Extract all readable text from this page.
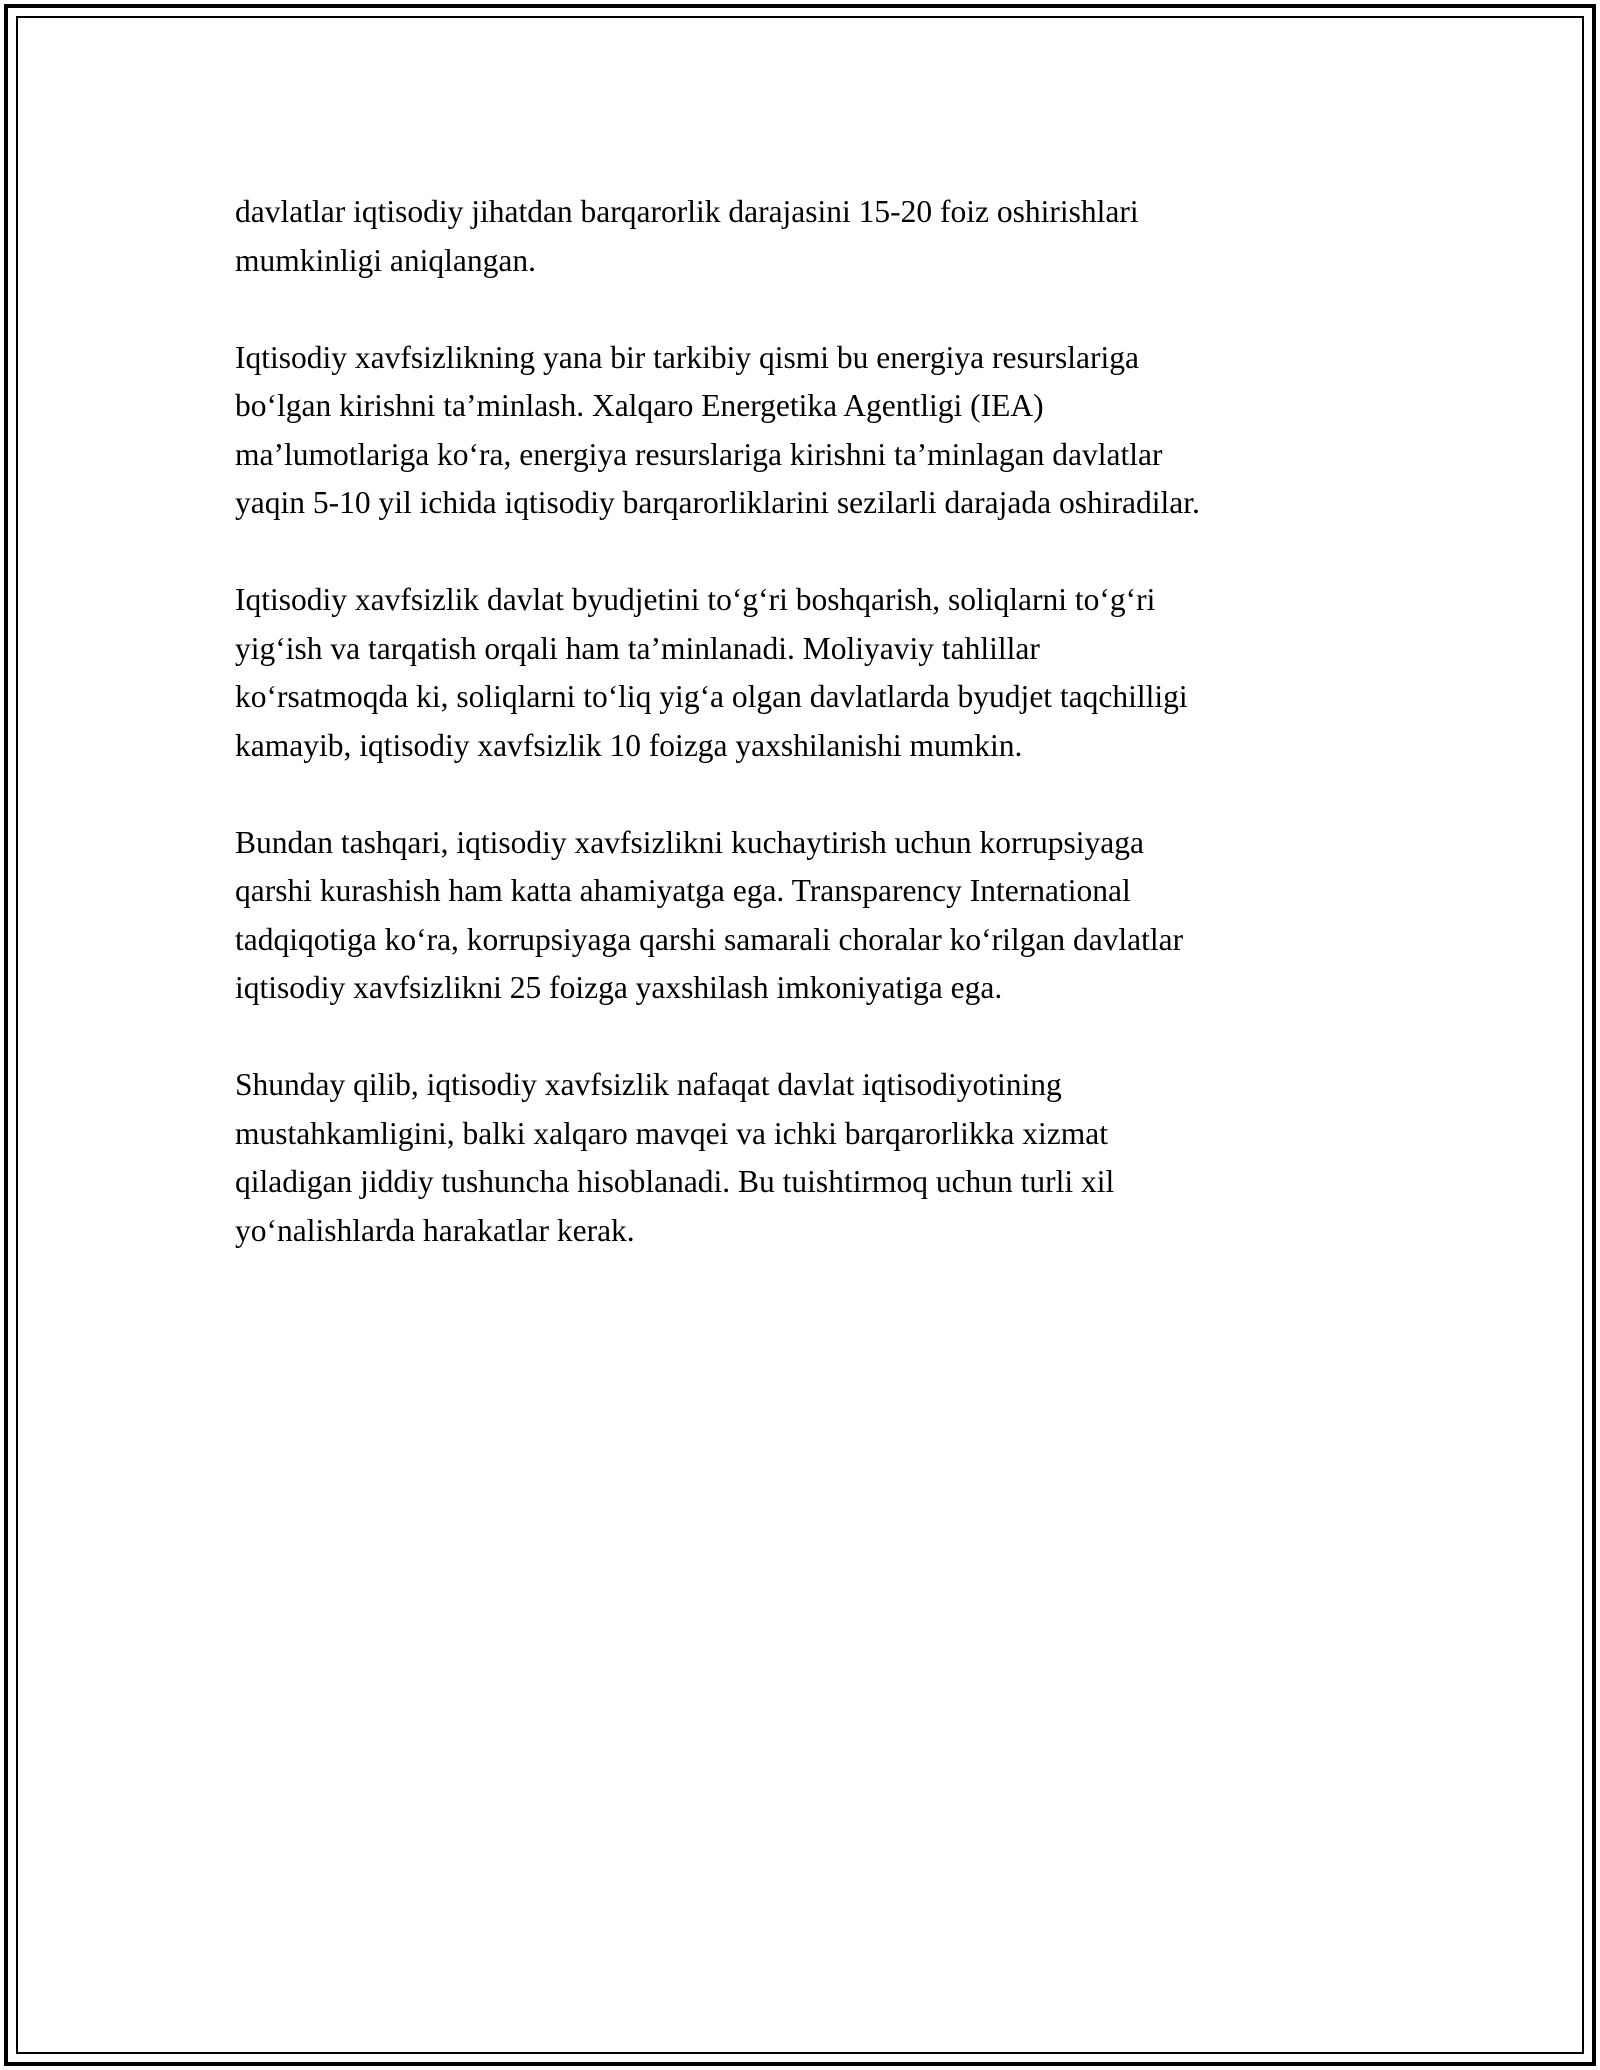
davlatlar iqtisodiy jihatdan barqarorlik darajasini 15-20 foiz oshirishlari
mumkinligi aniqlangan.

Iqtisodiy xavfsizlikning yana bir tarkibiy qismi bu energiya resurslariga
bo‘lgan kirishni ta’minlash. Xalqaro Energetika Agentligi (IEA)
ma’lumotlariga ko‘ra, energiya resurslariga kirishni ta’minlagan davlatlar
yaqin 5-10 yil ichida iqtisodiy barqarorliklarini sezilarli darajada oshiradilar.

Iqtisodiy xavfsizlik davlat byudjetini to‘g‘ri boshqarish, soliqlarni to‘g‘ri
yig‘ish va tarqatish orqali ham ta’minlanadi. Moliyaviy tahlillar
ko‘rsatmoqda ki, soliqlarni to‘liq yig‘a olgan davlatlarda byudjet taqchilligi
kamayib, iqtisodiy xavfsizlik 10 foizga yaxshilanishi mumkin.

Bundan tashqari, iqtisodiy xavfsizlikni kuchaytirish uchun korrupsiyaga
qarshi kurashish ham katta ahamiyatga ega. Transparency International
tadqiqotiga ko‘ra, korrupsiyaga qarshi samarali choralar ko‘rilgan davlatlar
iqtisodiy xavfsizlikni 25 foizga yaxshilash imkoniyatiga ega.

Shunday qilib, iqtisodiy xavfsizlik nafaqat davlat iqtisodiyotining
mustahkamligini, balki xalqaro mavqei va ichki barqarorlikka xizmat
qiladigan jiddiy tushuncha hisoblanadi. Bu tuishtirmoq uchun turli xil
yo‘nalishlarda harakatlar kerak.
